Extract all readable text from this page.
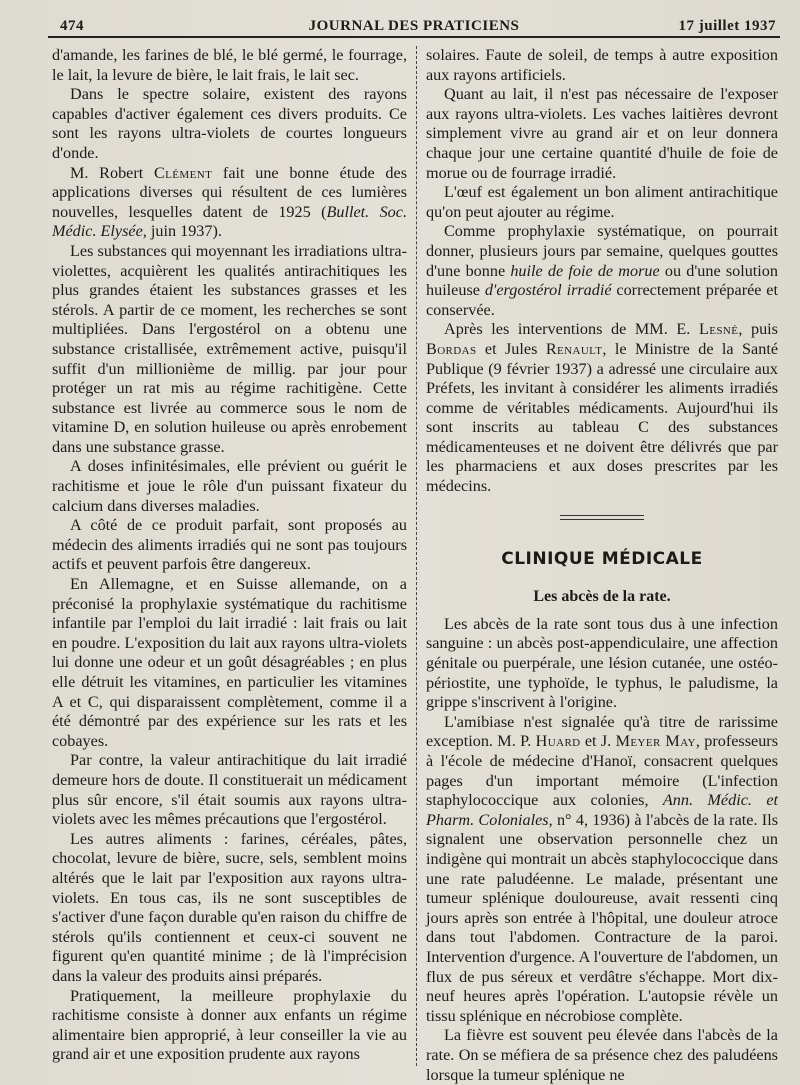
474	JOURNAL DES PRATICIENS	17 juillet 1937

d'amande, les farines de blé, le blé germé, le fourrage, le lait, la levure de bière, le lait frais, le lait sec.

Dans le spectre solaire, existent des rayons capables d'activer également ces divers produits. Ce sont les rayons ultra-violets de courtes longueurs d'onde.

M. Robert Clément fait une bonne étude des applications diverses qui résultent de ces lumières nouvelles, lesquelles datent de 1925 (Bullet. Soc. Médic. Elysée, juin 1937).

Les substances qui moyennant les irradiations ultra-violettes, acquièrent les qualités antirachitiques les plus grandes étaient les substances grasses et les stérols. A partir de ce moment, les recherches se sont multipliées. Dans l'ergostérol on a obtenu une substance cristallisée, extrêmement active, puisqu'il suffit d'un millionième de millig. par jour pour protéger un rat mis au régime rachitigène. Cette substance est livrée au commerce sous le nom de vitamine D, en solution huileuse ou après enrobement dans une substance grasse.

A doses infinitésimales, elle prévient ou guérit le rachitisme et joue le rôle d'un puissant fixateur du calcium dans diverses maladies.

A côté de ce produit parfait, sont proposés au médecin des aliments irradiés qui ne sont pas toujours actifs et peuvent parfois être dangereux.

En Allemagne, et en Suisse allemande, on a préconisé la prophylaxie systématique du rachitisme infantile par l'emploi du lait irradié : lait frais ou lait en poudre. L'exposition du lait aux rayons ultra-violets lui donne une odeur et un goût désagréables ; en plus elle détruit les vitamines, en particulier les vitamines A et C, qui disparaissent complètement, comme il a été démontré par des expérience sur les rats et les cobayes.

Par contre, la valeur antirachitique du lait irradié demeure hors de doute. Il constituerait un médicament plus sûr encore, s'il était soumis aux rayons ultra-violets avec les mêmes précautions que l'ergostérol.

Les autres aliments : farines, céréales, pâtes, chocolat, levure de bière, sucre, sels, semblent moins altérés que le lait par l'exposition aux rayons ultra-violets. En tous cas, ils ne sont susceptibles de s'activer d'une façon durable qu'en raison du chiffre de stérols qu'ils contiennent et ceux-ci souvent ne figurent qu'en quantité minime ; de là l'imprécision dans la valeur des produits ainsi préparés.

Pratiquement, la meilleure prophylaxie du rachitisme consiste à donner aux enfants un régime alimentaire bien approprié, à leur conseiller la vie au grand air et une exposition prudente aux rayons

solaires. Faute de soleil, de temps à autre exposition aux rayons artificiels.

Quant au lait, il n'est pas nécessaire de l'exposer aux rayons ultra-violets. Les vaches laitières devront simplement vivre au grand air et on leur donnera chaque jour une certaine quantité d'huile de foie de morue ou de fourrage irradié.

L'œuf est également un bon aliment antirachitique qu'on peut ajouter au régime.

Comme prophylaxie systématique, on pourrait donner, plusieurs jours par semaine, quelques gouttes d'une bonne huile de foie de morue ou d'une solution huileuse d'ergostérol irradié correctement préparée et conservée.

Après les interventions de MM. E. Lesné, puis Bordas et Jules Renault, le Ministre de la Santé Publique (9 février 1937) a adressé une circulaire aux Préfets, les invitant à considérer les aliments irradiés comme de véritables médicaments. Aujourd'hui ils sont inscrits au tableau C des substances médicamenteuses et ne doivent être délivrés que par les pharmaciens et aux doses prescrites par les médecins.

CLINIQUE MÉDICALE
Les abcès de la rate.

Les abcès de la rate sont tous dus à une infection sanguine : un abcès post-appendiculaire, une affection génitale ou puerpérale, une lésion cutanée, une ostéo-périostite, une typhoïde, le typhus, le paludisme, la grippe s'inscrivent à l'origine.

L'amibiase n'est signalée qu'à titre de rarissime exception. M. P. Huard et J. Meyer May, professeurs à l'école de médecine d'Hanoï, consacrent quelques pages d'un important mémoire (L'infection staphylococcique aux colonies, Ann. Médic. et Pharm. Coloniales, n° 4, 1936) à l'abcès de la rate. Ils signalent une observation personnelle chez un indigène qui montrait un abcès staphylococcique dans une rate paludéenne. Le malade, présentant une tumeur splénique douloureuse, avait ressenti cinq jours après son entrée à l'hôpital, une douleur atroce dans tout l'abdomen. Contracture de la paroi. Intervention d'urgence. A l'ouverture de l'abdomen, un flux de pus séreux et verdâtre s'échappe. Mort dix-neuf heures après l'opération. L'autopsie révèle un tissu splénique en nécrobiose complète.

La fièvre est souvent peu élevée dans l'abcès de la rate. On se méfiera de sa présence chez des paludéens lorsque la tumeur splénique ne
